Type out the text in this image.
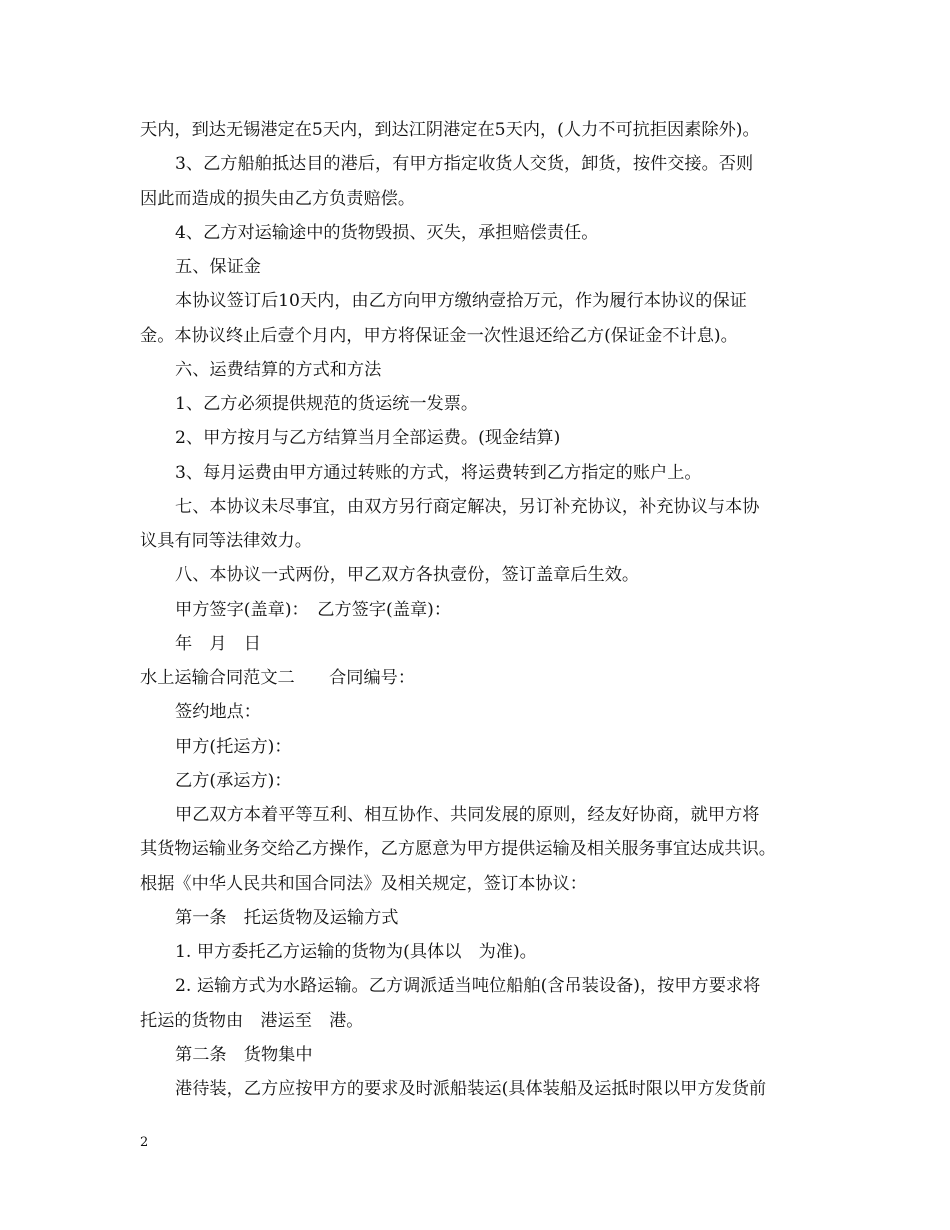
天内，到达无锡港定在5天内，到达江阴港定在5天内，(人力不可抗拒因素除外)。
3、乙方船舶抵达目的港后，有甲方指定收货人交货，卸货，按件交接。否则
因此而造成的损失由乙方负责赔偿。
4、乙方对运输途中的货物毁损、灭失，承担赔偿责任。
五、保证金
本协议签订后10天内，由乙方向甲方缴纳壹拾万元，作为履行本协议的保证
金。本协议终止后壹个月内，甲方将保证金一次性退还给乙方(保证金不计息)。
六、运费结算的方式和方法
1、乙方必须提供规范的货运统一发票。
2、甲方按月与乙方结算当月全部运费。(现金结算)
3、每月运费由甲方通过转账的方式，将运费转到乙方指定的账户上。
七、本协议未尽事宜，由双方另行商定解决，另订补充协议，补充协议与本协
议具有同等法律效力。
八、本协议一式两份，甲乙双方各执壹份，签订盖章后生效。
甲方签字(盖章)：　乙方签字(盖章)：
年　月　日
水上运输合同范文二　　合同编号：
签约地点：
甲方(托运方)：
乙方(承运方)：
甲乙双方本着平等互利、相互协作、共同发展的原则，经友好协商，就甲方将
其货物运输业务交给乙方操作，乙方愿意为甲方提供运输及相关服务事宜达成共识。
根据《中华人民共和国合同法》及相关规定，签订本协议：
第一条　托运货物及运输方式
1. 甲方委托乙方运输的货物为(具体以　为准)。
2. 运输方式为水路运输。乙方调派适当吨位船舶(含吊装设备)，按甲方要求将
托运的货物由　港运至　港。
第二条　货物集中
港待装，乙方应按甲方的要求及时派船装运(具体装船及运抵时限以甲方发货前
2
